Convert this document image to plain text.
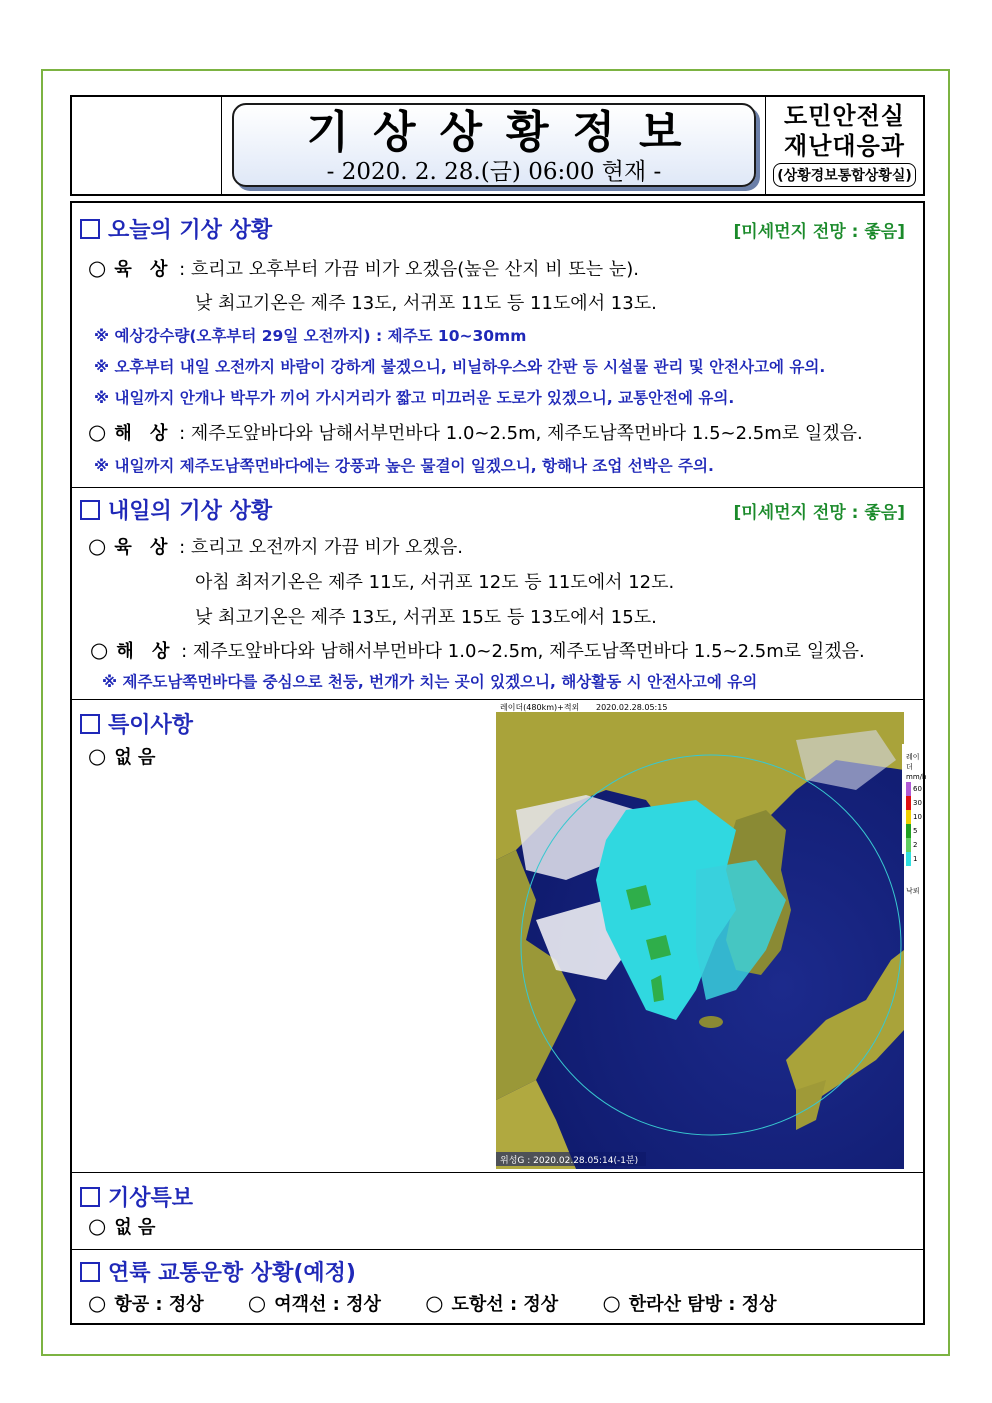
기상상황정보
- 2020. 2. 28.(금) 06:00 현재 -
도민안전실
재난대응과
(상황경보통합상황실)
오늘의 기상 상황	[미세먼지 전망 : 좋음]
○ 육 상 : 흐리고 오후부터 가끔 비가 오겠음(높은 산지 비 또는 눈).
낮 최고기온은 제주 13도, 서귀포 11도 등 11도에서 13도.
※ 예상강수량(오후부터 29일 오전까지) : 제주도 10~30mm
※ 오후부터 내일 오전까지 바람이 강하게 불겠으니, 비닐하우스와 간판 등 시설물 관리 및 안전사고에 유의.
※ 내일까지 안개나 박무가 끼어 가시거리가 짧고 미끄러운 도로가 있겠으니, 교통안전에 유의.
○ 해 상 : 제주도앞바다와 남해서부먼바다 1.0~2.5m, 제주도남쪽먼바다 1.5~2.5m로 일겠음.
※ 내일까지 제주도남쪽먼바다에는 강풍과 높은 물결이 일겠으니, 항해나 조업 선박은 주의.
내일의 기상 상황	[미세먼지 전망 : 좋음]
○ 육 상 : 흐리고 오전까지 가끔 비가 오겠음.
아침 최저기온은 제주 11도, 서귀포 12도 등 11도에서 12도.
낮 최고기온은 제주 13도, 서귀포 15도 등 13도에서 15도.
○ 해 상 : 제주도앞바다와 남해서부먼바다 1.0~2.5m, 제주도남쪽먼바다 1.5~2.5m로 일겠음.
※ 제주도남쪽먼바다를 중심으로 천둥, 번개가 치는 곳이 있겠으니, 해상활동 시 안전사고에 유의
특이사항
○ 없 음
레이더(480km)+적외 2020.02.28.05:15
위성G : 2020.02.28.05:14(-1분)
레이더
mm/h
60
30
10
5
2
1
낙뢰
기상특보
○ 없 음
연륙 교통운항 상황(예정)
○ 항공 : 정상 ○ 여객선 : 정상 ○ 도항선 : 정상 ○ 한라산 탐방 : 정상
